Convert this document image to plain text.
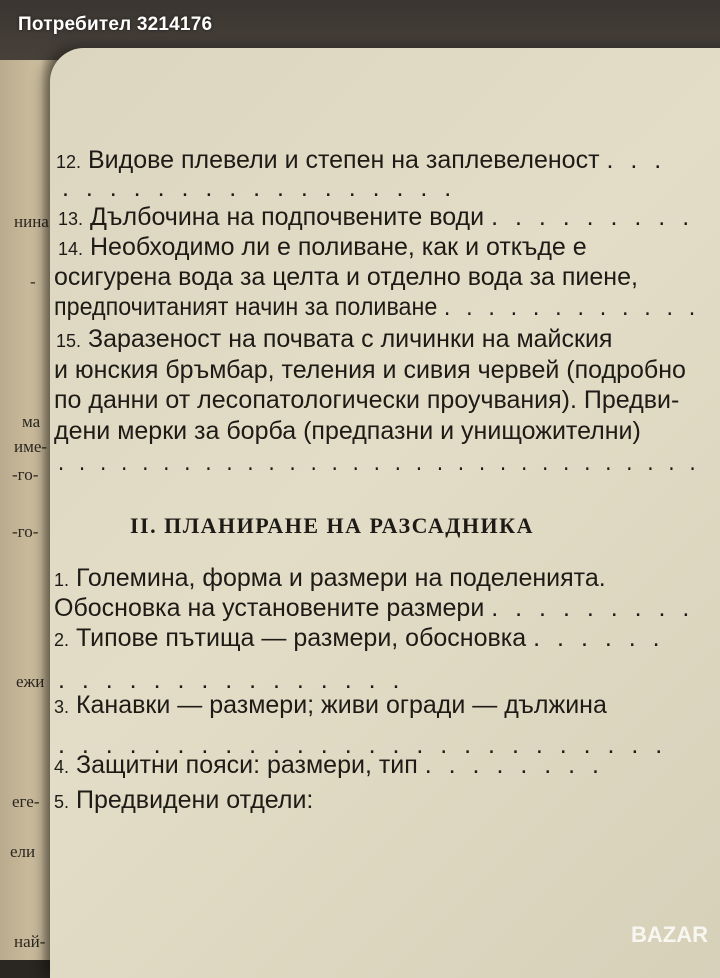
нина
-
ма
име-
-го-
-го-
ежи
еге-
ели
най-
12. Видове плевели и степен на заплевеленост . . .
. . . . . . . . . . . . . . . . .
13. Дълбочина на подпочвените води . . . . . . . . .
14. Необходимо ли е поливане, как и откъде е
осигурена вода за целта и отделно вода за пиене,
предпочитаният начин за поливане . . . . . . . . . . . .
15. Заразеност на почвата с личинки на майския
и юнския бръмбар, теления и сивия червей (подробно
по данни от лесопатологически проучвания). Предви-
дени мерки за борба (предпазни и унищожителни)
. . . . . . . . . . . . . . . . . . . . . . . . . . . . . . .
II. ПЛАНИРАНЕ НА РАЗСАДНИКА
1. Големина, форма и размери на поделенията.
Обосновка на установените размери . . . . . . . . .
2. Типове пътища — размери, обосновка . . . . . .
. . . . . . . . . . . . . . .
3. Канавки — размери; живи огради — дължина
. . . . . . . . . . . . . . . . . . . . . . . . . .
4. Защитни пояси: размери, тип . . . . . . . .
5. Предвидени отдели:
Потребител 3214176
BAZAR
